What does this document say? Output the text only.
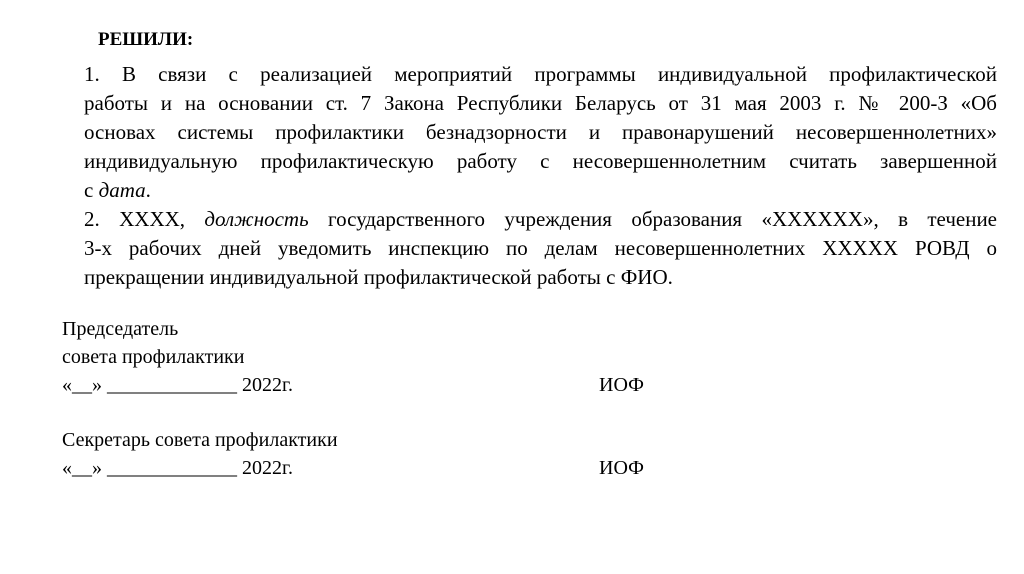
РЕШИЛИ:
1. В связи с реализацией мероприятий программы индивидуальной профилактической
работы и на основании ст. 7 Закона Республики Беларусь от 31 мая 2003 г. № 200-З «Об
основах системы профилактики безнадзорности и правонарушений несовершеннолетних»
индивидуальную профилактическую работу с несовершеннолетним считать завершенной
с дата.
2. ХХХХ, должность государственного учреждения образования «ХХХХХХ», в течение
3-х рабочих дней уведомить инспекцию по делам несовершеннолетних ХХХХХ РОВД о
прекращении индивидуальной профилактической работы с ФИО.
Председатель
совета профилактики
«__» _____________ 2022г.	ИОФ
Секретарь совета профилактики
«__» _____________ 2022г.	ИОФ
